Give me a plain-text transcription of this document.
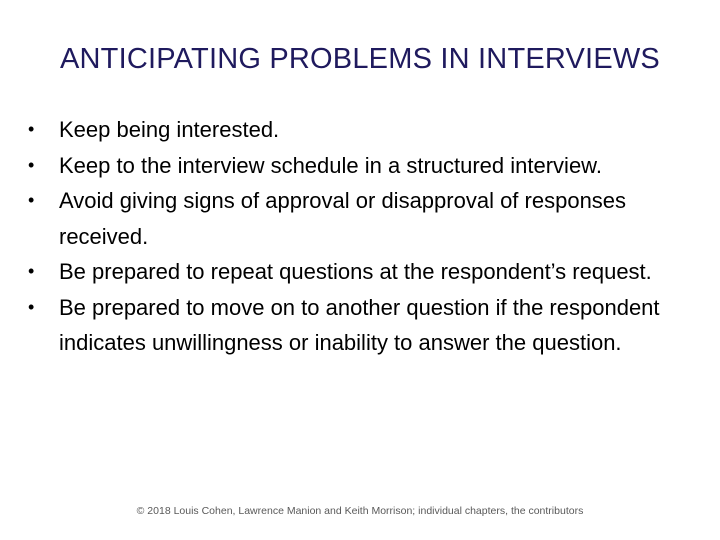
ANTICIPATING PROBLEMS IN INTERVIEWS
• Keep being interested.
• Keep to the interview schedule in a structured interview.
• Avoid giving signs of approval or disapproval of responses received.
• Be prepared to repeat questions at the respondent’s request.
• Be prepared to move on to another question if the respondent indicates unwillingness or inability to answer the question.
© 2018 Louis Cohen, Lawrence Manion and Keith Morrison; individual chapters, the contributors
